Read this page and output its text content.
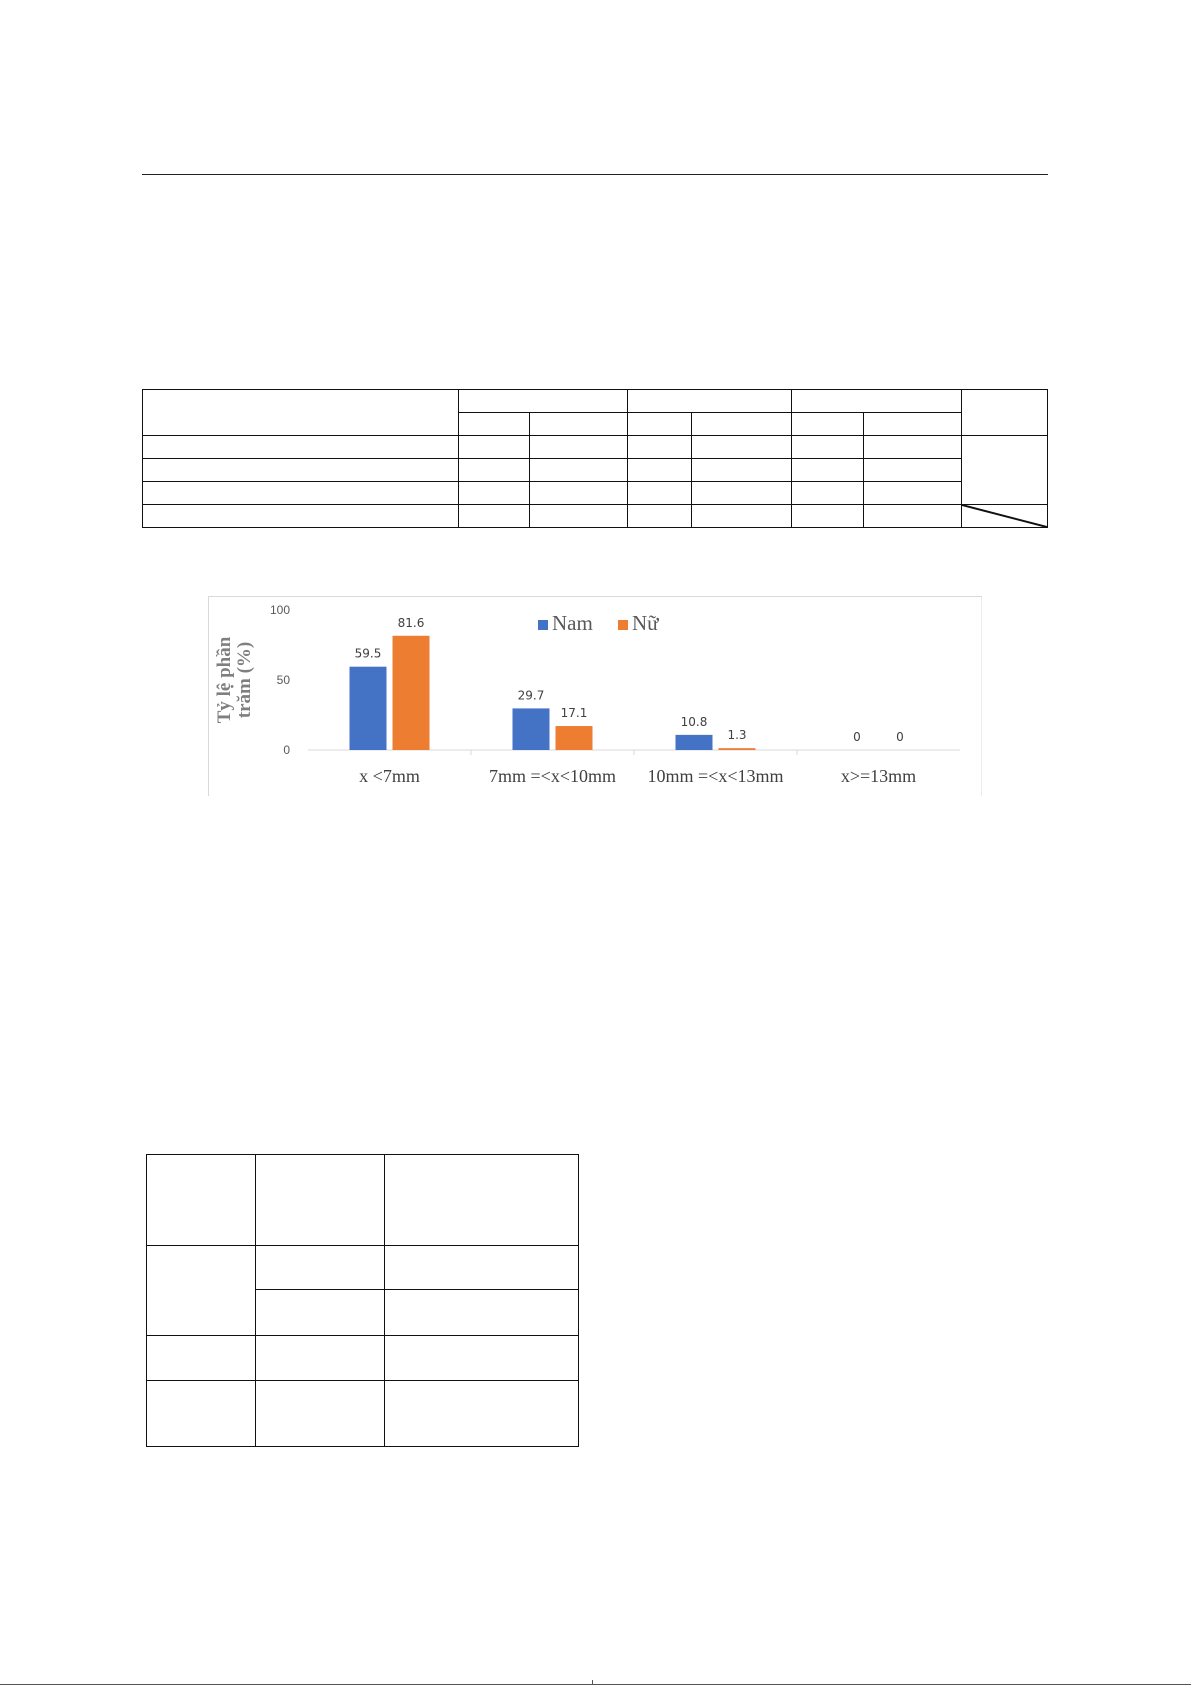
Tỷ lệ phần trăm (%)
0
50
100
59.5
81.6
29.7
17.1
10.8
1.3	0	0
Nam Nữ
x <7mm	7mm =<x<10mm 10mm =<x<13mm	x>=13mm
